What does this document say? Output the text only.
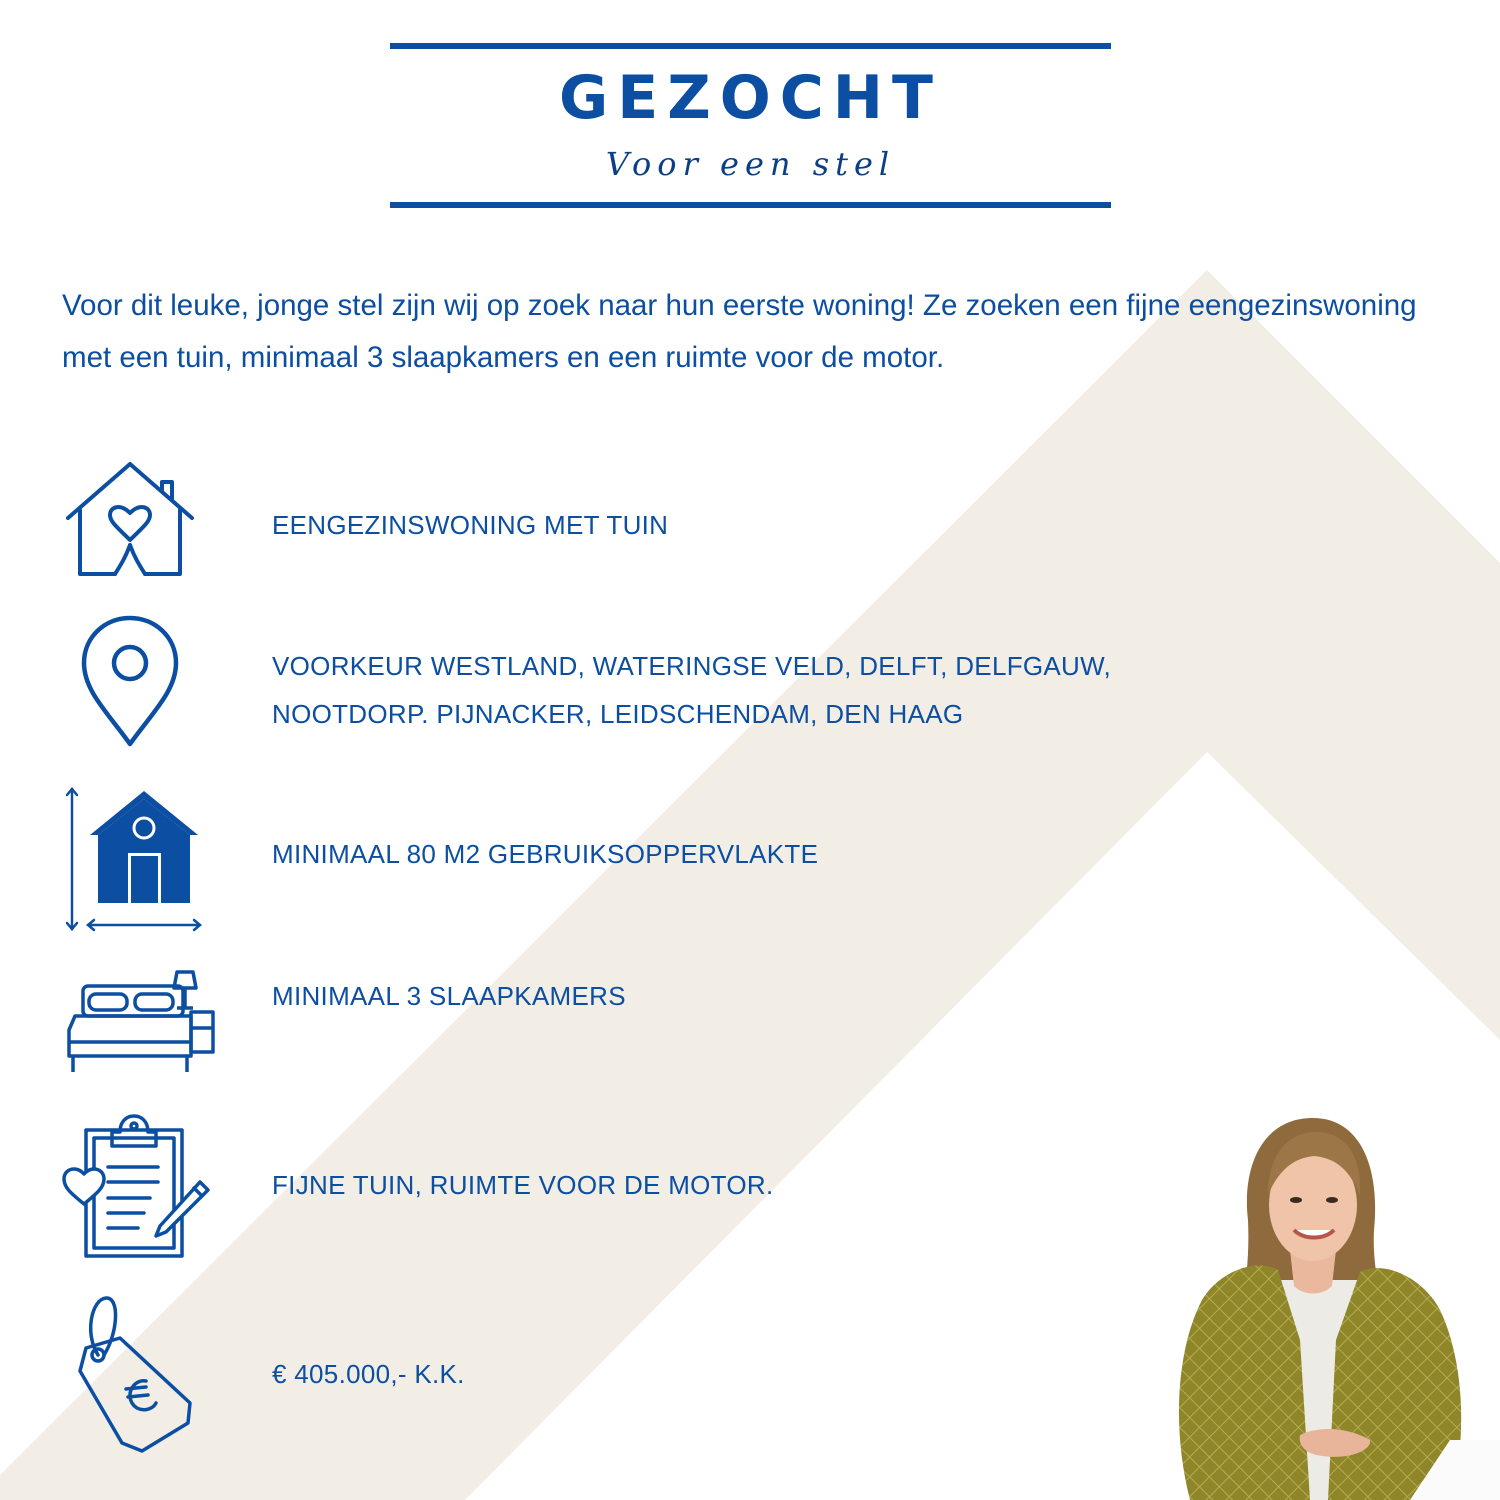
GEZOCHT
Voor een stel
Voor dit leuke, jonge stel zijn wij op zoek naar hun eerste woning! Ze zoeken een fijne eengezinswoning met een tuin, minimaal 3 slaapkamers en een ruimte voor de motor.
EENGEZINSWONING MET TUIN
VOORKEUR WESTLAND, WATERINGSE VELD, DELFT, DELFGAUW,
NOOTDORP. PIJNACKER, LEIDSCHENDAM, DEN HAAG
MINIMAAL 80 M2 GEBRUIKSOPPERVLAKTE
MINIMAAL 3 SLAAPKAMERS
FIJNE TUIN, RUIMTE VOOR DE MOTOR.
€ 405.000,- K.K.
